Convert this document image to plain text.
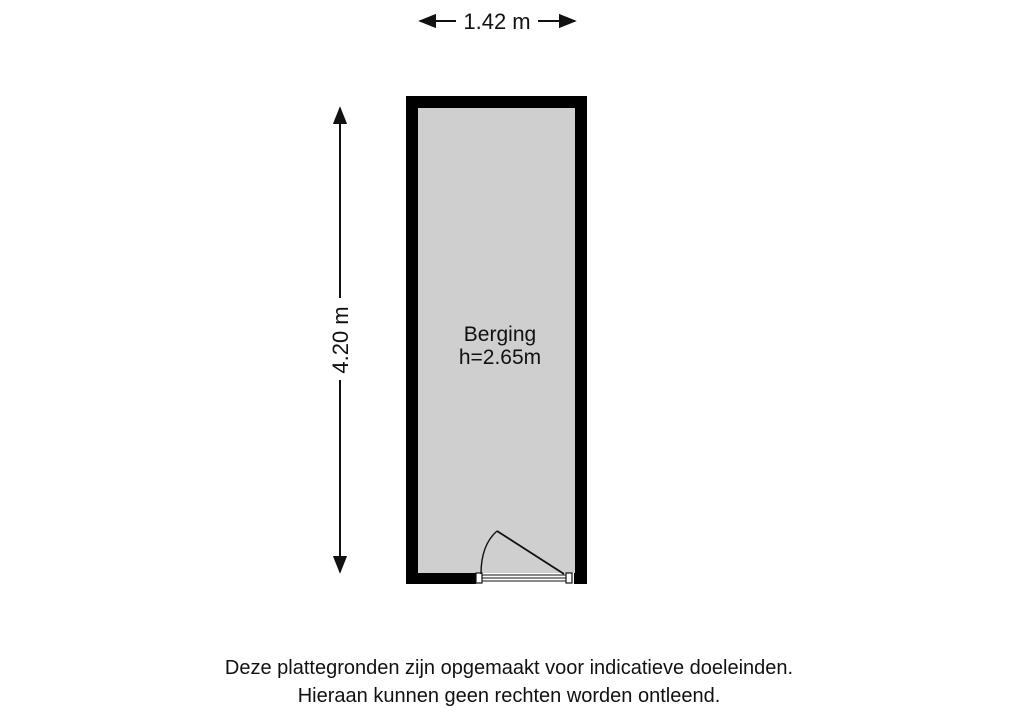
1.42 m
4.20 m	Berging
h=2.65m
Deze plattegronden zijn opgemaakt voor indicatieve doeleinden.
Hieraan kunnen geen rechten worden ontleend.
